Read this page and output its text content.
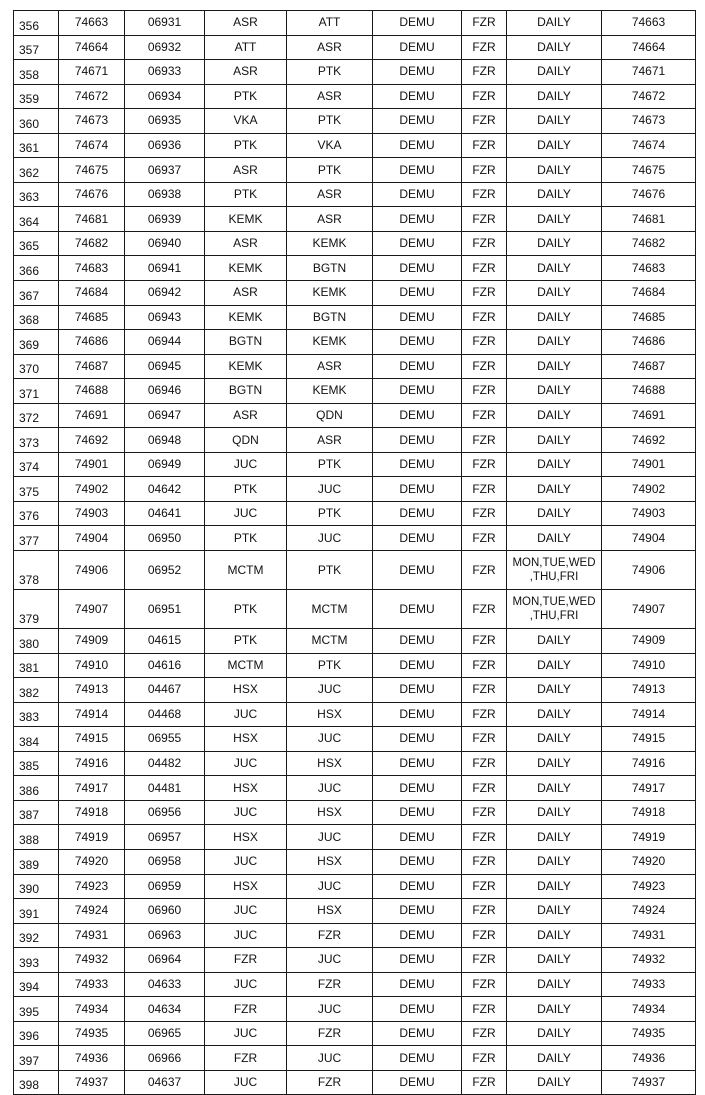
356	74663	06931	ASR	ATT	DEMU	FZR	DAILY	74663
357	74664	06932	ATT	ASR	DEMU	FZR	DAILY	74664
358	74671	06933	ASR	PTK	DEMU	FZR	DAILY	74671
359	74672	06934	PTK	ASR	DEMU	FZR	DAILY	74672
360	74673	06935	VKA	PTK	DEMU	FZR	DAILY	74673
361	74674	06936	PTK	VKA	DEMU	FZR	DAILY	74674
362	74675	06937	ASR	PTK	DEMU	FZR	DAILY	74675
363	74676	06938	PTK	ASR	DEMU	FZR	DAILY	74676
364	74681	06939	KEMK	ASR	DEMU	FZR	DAILY	74681
365	74682	06940	ASR	KEMK	DEMU	FZR	DAILY	74682
366	74683	06941	KEMK	BGTN	DEMU	FZR	DAILY	74683
367	74684	06942	ASR	KEMK	DEMU	FZR	DAILY	74684
368	74685	06943	KEMK	BGTN	DEMU	FZR	DAILY	74685
369	74686	06944	BGTN	KEMK	DEMU	FZR	DAILY	74686
370	74687	06945	KEMK	ASR	DEMU	FZR	DAILY	74687
371	74688	06946	BGTN	KEMK	DEMU	FZR	DAILY	74688
372	74691	06947	ASR	QDN	DEMU	FZR	DAILY	74691
373	74692	06948	QDN	ASR	DEMU	FZR	DAILY	74692
374	74901	06949	JUC	PTK	DEMU	FZR	DAILY	74901
375	74902	04642	PTK	JUC	DEMU	FZR	DAILY	74902
376	74903	04641	JUC	PTK	DEMU	FZR	DAILY	74903
377	74904	06950	PTK	JUC	DEMU	FZR	DAILY	74904
378	74906	06952	MCTM	PTK	DEMU	FZR	MON,TUE,WED ,THU,FRI	74906
379	74907	06951	PTK	MCTM	DEMU	FZR	MON,TUE,WED ,THU,FRI	74907
380	74909	04615	PTK	MCTM	DEMU	FZR	DAILY	74909
381	74910	04616	MCTM	PTK	DEMU	FZR	DAILY	74910
382	74913	04467	HSX	JUC	DEMU	FZR	DAILY	74913
383	74914	04468	JUC	HSX	DEMU	FZR	DAILY	74914
384	74915	06955	HSX	JUC	DEMU	FZR	DAILY	74915
385	74916	04482	JUC	HSX	DEMU	FZR	DAILY	74916
386	74917	04481	HSX	JUC	DEMU	FZR	DAILY	74917
387	74918	06956	JUC	HSX	DEMU	FZR	DAILY	74918
388	74919	06957	HSX	JUC	DEMU	FZR	DAILY	74919
389	74920	06958	JUC	HSX	DEMU	FZR	DAILY	74920
390	74923	06959	HSX	JUC	DEMU	FZR	DAILY	74923
391	74924	06960	JUC	HSX	DEMU	FZR	DAILY	74924
392	74931	06963	JUC	FZR	DEMU	FZR	DAILY	74931
393	74932	06964	FZR	JUC	DEMU	FZR	DAILY	74932
394	74933	04633	JUC	FZR	DEMU	FZR	DAILY	74933
395	74934	04634	FZR	JUC	DEMU	FZR	DAILY	74934
396	74935	06965	JUC	FZR	DEMU	FZR	DAILY	74935
397	74936	06966	FZR	JUC	DEMU	FZR	DAILY	74936
398	74937	04637	JUC	FZR	DEMU	FZR	DAILY	74937
